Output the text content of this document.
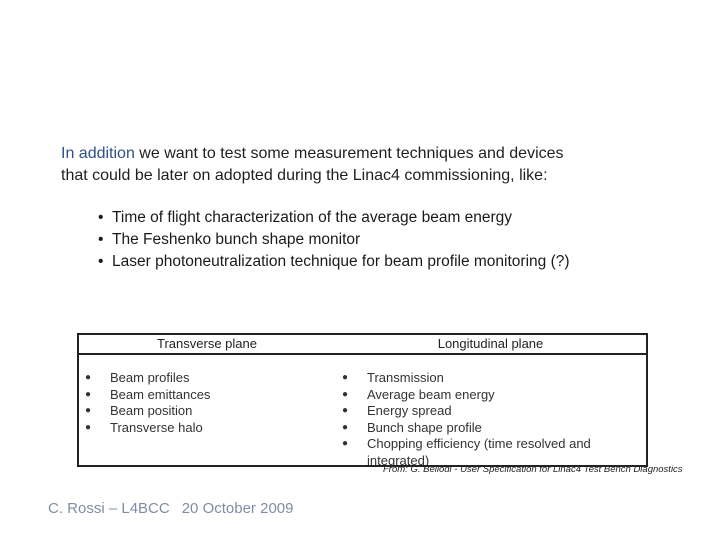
In addition we want to test some measurement techniques and devices
that could be later on adopted during the Linac4 commissioning, like:
• Time of flight characterization of the average beam energy
• The Feshenko bunch shape monitor
• Laser photoneutralization technique for beam profile monitoring (?)
Transverse plane
● Beam profiles
● Beam emittances
● Beam position
● Transverse halo
Longitudinal plane
● Transmission
● Average beam energy
● Energy spread
● Bunch shape profile
● Chopping efficiency (time resolved and integrated)
From: G. Bellodi - User Specification for Linac4 Test Bench Diagnostics
C. Rossi – L4BCC 20 October 2009
